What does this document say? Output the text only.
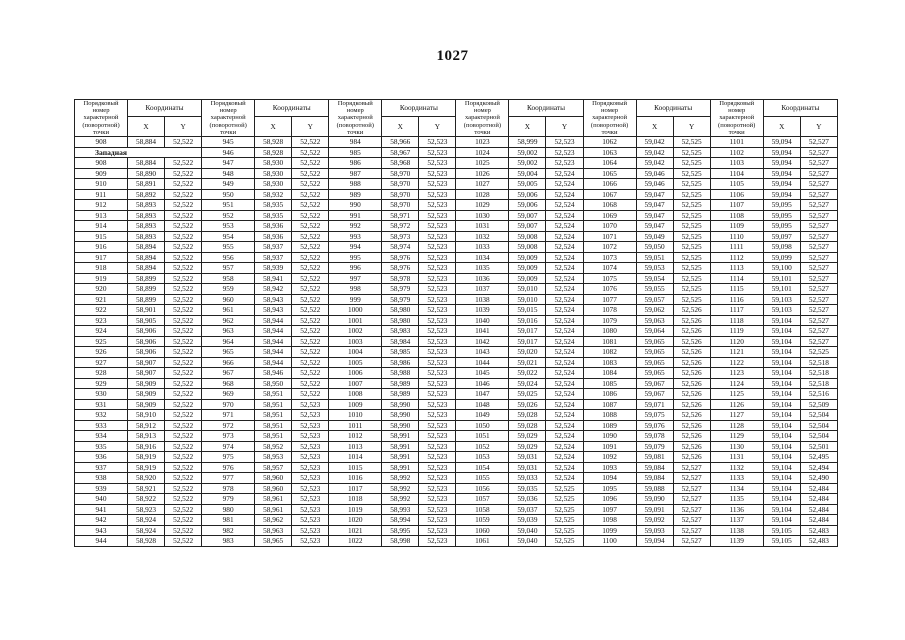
1027
Порядковый номер характерной (поворотной) точки	Координаты		Порядковый номер характерной (поворотной) точки	Координаты		Порядковый номер характерной (поворотной) точки	Координаты		Порядковый номер характерной (поворотной) точки	Координаты		Порядковый номер характерной (поворотной) точки	Координаты		Порядковый номер характерной (поворотной) точки	Координаты	
	X	Y		X	Y		X	Y		X	Y		X	Y		X	Y
908	58,884	52,522	945	58,928	52,522	984	58,966	52,523	1023	58,999	52,523	1062	59,042	52,525	1101	59,094	52,527
Западная			946	58,928	52,522	985	58,967	52,523	1024	59,002	52,523	1063	59,042	52,525	1102	59,094	52,527
908	58,884	52,522	947	58,930	52,522	986	58,968	52,523	1025	59,002	52,523	1064	59,042	52,525	1103	59,094	52,527
909	58,890	52,522	948	58,930	52,522	987	58,970	52,523	1026	59,004	52,524	1065	59,046	52,525	1104	59,094	52,527
910	58,891	52,522	949	58,930	52,522	988	58,970	52,523	1027	59,005	52,524	1066	59,046	52,525	1105	59,094	52,527
911	58,892	52,522	950	58,932	52,522	989	58,970	52,523	1028	59,006	52,524	1067	59,047	52,525	1106	59,094	52,527
912	58,893	52,522	951	58,935	52,522	990	58,970	52,523	1029	59,006	52,524	1068	59,047	52,525	1107	59,095	52,527
913	58,893	52,522	952	58,935	52,522	991	58,971	52,523	1030	59,007	52,524	1069	59,047	52,525	1108	59,095	52,527
914	58,893	52,522	953	58,936	52,522	992	58,972	52,523	1031	59,007	52,524	1070	59,047	52,525	1109	59,095	52,527
915	58,893	52,522	954	58,936	52,522	993	58,973	52,523	1032	59,008	52,524	1071	59,049	52,525	1110	59,097	52,527
916	58,894	52,522	955	58,937	52,522	994	58,974	52,523	1033	59,008	52,524	1072	59,050	52,525	1111	59,098	52,527
917	58,894	52,522	956	58,937	52,522	995	58,976	52,523	1034	59,009	52,524	1073	59,051	52,525	1112	59,099	52,527
918	58,894	52,522	957	58,939	52,522	996	58,976	52,523	1035	59,009	52,524	1074	59,053	52,525	1113	59,100	52,527
919	58,899	52,522	958	58,941	52,522	997	58,978	52,523	1036	59,009	52,524	1075	59,054	52,525	1114	59,101	52,527
920	58,899	52,522	959	58,942	52,522	998	58,979	52,523	1037	59,010	52,524	1076	59,055	52,525	1115	59,101	52,527
921	58,899	52,522	960	58,943	52,522	999	58,979	52,523	1038	59,010	52,524	1077	59,057	52,525	1116	59,103	52,527
922	58,901	52,522	961	58,943	52,522	1000	58,980	52,523	1039	59,015	52,524	1078	59,062	52,526	1117	59,103	52,527
923	58,905	52,522	962	58,944	52,522	1001	58,980	52,523	1040	59,016	52,524	1079	59,063	52,526	1118	59,104	52,527
924	58,906	52,522	963	58,944	52,522	1002	58,983	52,523	1041	59,017	52,524	1080	59,064	52,526	1119	59,104	52,527
925	58,906	52,522	964	58,944	52,522	1003	58,984	52,523	1042	59,017	52,524	1081	59,065	52,526	1120	59,104	52,527
926	58,906	52,522	965	58,944	52,522	1004	58,985	52,523	1043	59,020	52,524	1082	59,065	52,526	1121	59,104	52,525
927	58,907	52,522	966	58,944	52,522	1005	58,986	52,523	1044	59,021	52,524	1083	59,065	52,526	1122	59,104	52,518
928	58,907	52,522	967	58,946	52,522	1006	58,988	52,523	1045	59,022	52,524	1084	59,065	52,526	1123	59,104	52,518
929	58,909	52,522	968	58,950	52,522	1007	58,989	52,523	1046	59,024	52,524	1085	59,067	52,526	1124	59,104	52,518
930	58,909	52,522	969	58,951	52,522	1008	58,989	52,523	1047	59,025	52,524	1086	59,067	52,526	1125	59,104	52,516
931	58,909	52,522	970	58,951	52,523	1009	58,990	52,523	1048	59,026	52,524	1087	59,071	52,526	1126	59,104	52,509
932	58,910	52,522	971	58,951	52,523	1010	58,990	52,523	1049	59,028	52,524	1088	59,075	52,526	1127	59,104	52,504
933	58,912	52,522	972	58,951	52,523	1011	58,990	52,523	1050	59,028	52,524	1089	59,076	52,526	1128	59,104	52,504
934	58,913	52,522	973	58,951	52,523	1012	58,991	52,523	1051	59,029	52,524	1090	59,078	52,526	1129	59,104	52,504
935	58,916	52,522	974	58,952	52,523	1013	58,991	52,523	1052	59,029	52,524	1091	59,079	52,526	1130	59,104	52,501
936	58,919	52,522	975	58,953	52,523	1014	58,991	52,523	1053	59,031	52,524	1092	59,081	52,526	1131	59,104	52,495
937	58,919	52,522	976	58,957	52,523	1015	58,991	52,523	1054	59,031	52,524	1093	59,084	52,527	1132	59,104	52,494
938	58,920	52,522	977	58,960	52,523	1016	58,992	52,523	1055	59,033	52,524	1094	59,084	52,527	1133	59,104	52,490
939	58,921	52,522	978	58,960	52,523	1017	58,992	52,523	1056	59,035	52,525	1095	59,088	52,527	1134	59,104	52,484
940	58,922	52,522	979	58,961	52,523	1018	58,992	52,523	1057	59,036	52,525	1096	59,090	52,527	1135	59,104	52,484
941	58,923	52,522	980	58,961	52,523	1019	58,993	52,523	1058	59,037	52,525	1097	59,091	52,527	1136	59,104	52,484
942	58,924	52,522	981	58,962	52,523	1020	58,994	52,523	1059	59,039	52,525	1098	59,092	52,527	1137	59,104	52,484
943	58,924	52,522	982	58,963	52,523	1021	58,995	52,523	1060	59,040	52,525	1099	59,093	52,527	1138	59,105	52,483
944	58,928	52,522	983	58,965	52,523	1022	58,998	52,523	1061	59,040	52,525	1100	59,094	52,527	1139	59,105	52,483
